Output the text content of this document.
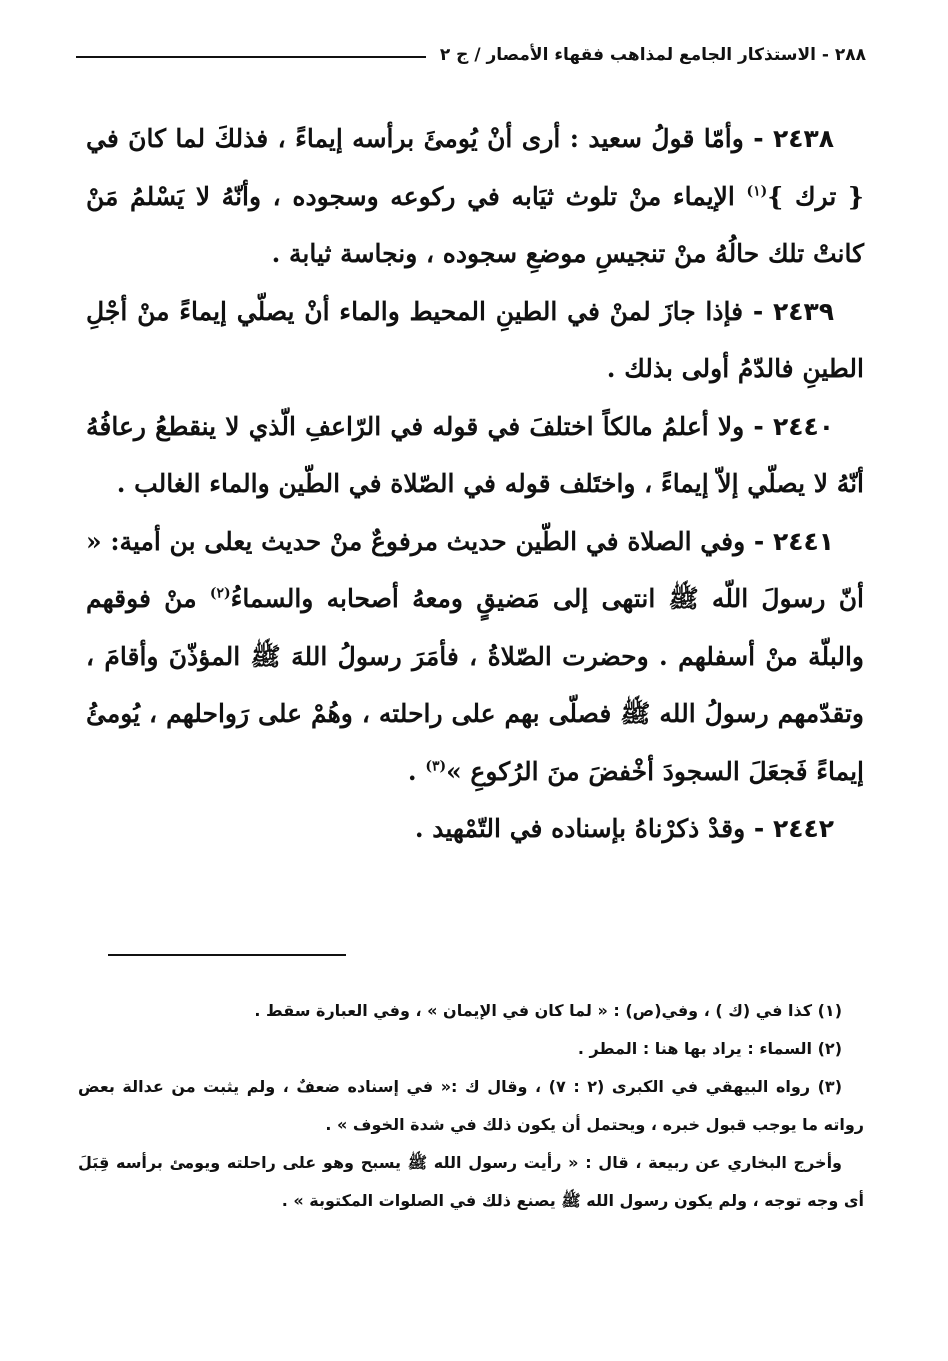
٢٨٨ - الاستذكار الجامع لمذاهب فقهاء الأمصار / ج ٢

٢٤٣٨ - وأمّا قولُ سعيد : أرى أنْ يُومئَ برأسه إيماءً ، فذلكَ لما كانَ في { ترك }$^{(١)}$ الإيماء منْ تلوث ثيَابه في ركوعه وسجوده ، وأنّهُ لا يَسْلمُ مَنْ كانتْ تلك حالُهُ منْ تنجيسِ موضعِ سجوده ، ونجاسة ثيابة .

٢٤٣٩ - فإذا جازَ لمنْ في الطينِ المحيط والماء أنْ يصلّي إيماءً منْ أجْلِ الطينِ فالدّمُ أولى بذلك .

٢٤٤٠ - ولا أعلمُ مالكاً اختلفَ في قوله في الرّاعفِ الّذي لا ينقطعُ رعافُهُ أنّهُ لا يصلّي إلاّ إيماءً ، واختَلف قوله في الصّلاة في الطّين والماء الغالب .

٢٤٤١ - وفي الصلاة في الطّين حديث مرفوعٌ منْ حديث يعلى بن أمية: « أنّ رسولَ اللّه ﷺ انتهى إلى مَضيقٍ ومعهُ أصحابه والسماءُ$^{(٢)}$ منْ فوقهم والبلّة منْ أسفلهم . وحضرت الصّلاةُ ، فأمَرَ رسولُ اللهَ ﷺ المؤذّنَ وأقامَ ، وتقدّمهم رسولُ الله ﷺ فصلّى بهم على راحلته ، وهُمْ على رَواحلهم ، يُومئُ إيماءً فَجعَلَ السجودَ أخْفضَ منَ الرُكوعِ »$^{(٣)}$ .

٢٤٤٢ - وقدْ ذكرْناهُ بإسناده في التّمْهيد .

(١) كذا في (ك ) ، وفي(ص) : « لما كان في الإيمان » ، وفي العبارة سقط .

(٢) السماء : يراد بها هنا : المطر .

(٣) رواه البيهقي في الكبرى (٢ : ٧) ، وقال ك :« في إسناده ضعفٌ ، ولم يثبت من عدالة بعض رواته ما يوجب قبول خبره ، ويحتمل أن يكون ذلك في شدة الخوف » .

وأخرج البخاري عن ربيعة ، قال : « رأيت رسول الله ﷺ يسبح وهو على راحلته ويومئ برأسه قِبَلَ أى وجه توجه ، ولم يكون رسول الله ﷺ يصنع ذلك في الصلوات المكتوبة » .
